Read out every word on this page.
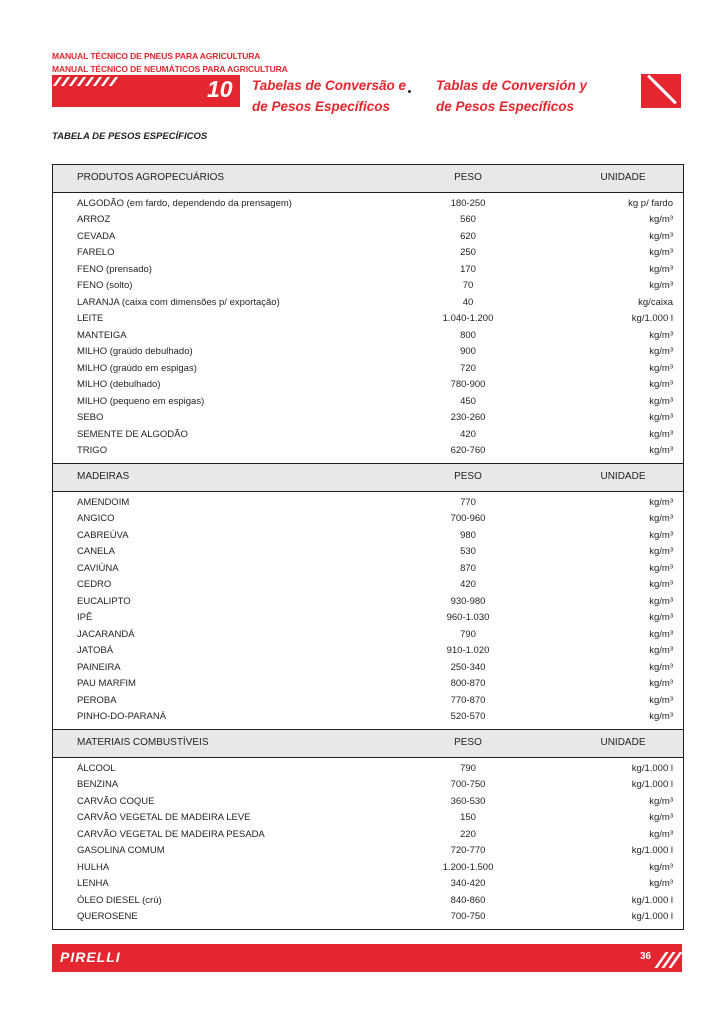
MANUAL TÉCNICO DE PNEUS PARA AGRICULTURA
MANUAL TÉCNICO DE NEUMÁTICOS PARA AGRICULTURA
10 Tabelas de Conversão e
de Pesos Específicos
Tablas de Conversión y
de Pesos Específicos
TABELA DE PESOS ESPECÍFICOS
PRODUTOS AGROPECUÁRIOS	PESO	UNIDADE
ALGODÃO (em fardo, dependendo da prensagem)	180-250	kg p/ fardo
ARROZ	560	kg/m³
CEVADA	620	kg/m³
FARELO	250	kg/m³
FENO (prensado)	170	kg/m³
FENO (solto)	70	kg/m³
LARANJA (caixa com dimensões p/ exportação)	40	kg/caixa
LEITE	1.040-1.200	kg/1.000 l
MANTEIGA	800	kg/m³
MILHO (graúdo debulhado)	900	kg/m³
MILHO (graúdo em espigas)	720	kg/m³
MILHO (debulhado)	780-900	kg/m³
MILHO (pequeno em espigas)	450	kg/m³
SEBO	230-260	kg/m³
SEMENTE DE ALGODÃO	420	kg/m³
TRIGO	620-760	kg/m³
MADEIRAS	PESO	UNIDADE
AMENDOIM	770	kg/m³
ANGICO	700-960	kg/m³
CABREÚVA	980	kg/m³
CANELA	530	kg/m³
CAVIÚNA	870	kg/m³
CEDRO	420	kg/m³
EUCALIPTO	930-980	kg/m³
IPÊ	960-1.030	kg/m³
JACARANDÁ	790	kg/m³
JATOBÁ	910-1.020	kg/m³
PAINEIRA	250-340	kg/m³
PAU MARFIM	800-870	kg/m³
PEROBA	770-870	kg/m³
PINHO-DO-PARANÁ	520-570	kg/m³
MATERIAIS COMBUSTÍVEIS	PESO	UNIDADE
ÁLCOOL	790	kg/1.000 l
BENZINA	700-750	kg/1.000 l
CARVÃO COQUE	360-530	kg/m³
CARVÃO VEGETAL DE MADEIRA LEVE	150	kg/m³
CARVÃO VEGETAL DE MADEIRA PESADA	220	kg/m³
GASOLINA COMUM	720-770	kg/1.000 l
HULHA	1.200-1.500	kg/m³
LENHA	340-420	kg/m³
ÓLEO DIESEL (crú)	840-860	kg/1.000 l
QUEROSENE	700-750	kg/1.000 l
PIRELLI	36
